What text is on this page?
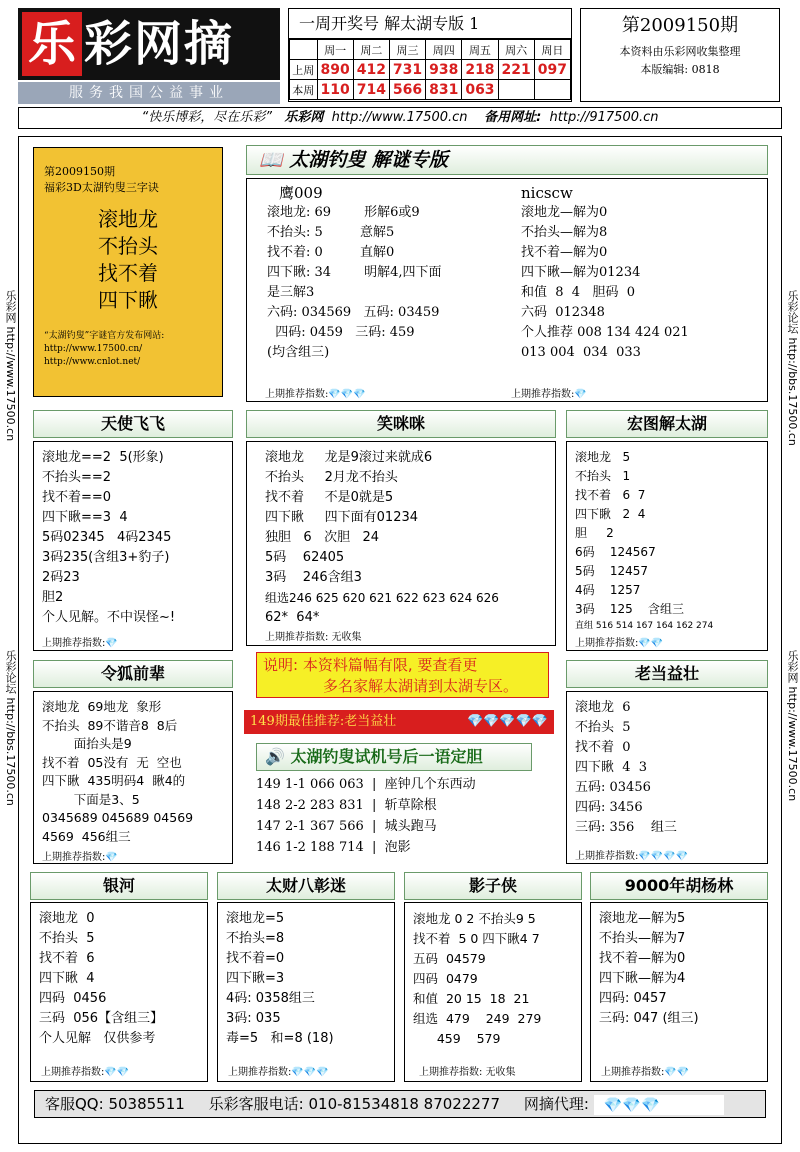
乐 彩网摘
服务我国公益事业
一周开奖号 解太湖专版 1
	周一	周二	周三	周四	周五	周六	周日
上周	890	412	731	938	218	221	097
本周	110	714	566	831	063		
第2009150期
本资料由乐彩网收集整理
本版编辑: 0818
“快乐博彩，尽在乐彩” 乐彩网 http://www.17500.cn 备用网址: http://917500.cn
乐彩网 http://www.17500.cn
乐彩论坛 http://bbs.17500.cn
乐彩论坛 http://bbs.17500.cn
乐彩网 http://www.17500.cn
第2009150期
福彩3D太湖钓叟三字诀
滚地龙
不抬头
找不着
四下瞅
“太湖钓叟”字谜官方发布网站:
http://www.17500.cn/
http://www.cnlot.net/
📖 太湖钓叟 解谜专版
鹰009
滚地龙: 69        形解6或9
不抬头: 5         意解5
找不着: 0         直解0
四下瞅: 34        明解4,四下面
是三解3
六码: 034569   五码: 03459
四码: 0459   三码: 459
(均含组三)
nicscw
滚地龙—解为0
不抬头—解为8
找不着—解为0
四下瞅—解为01234
和值  8  4   胆码  0
六码  012348
个人推荐 008 134 424 021
013 004  034  033
上期推荐指数:💎💎💎	上期推荐指数:💎
天使飞飞
滚地龙==2  5(形象)
不抬头==2
找不着==0
四下瞅==3  4
5码02345   4码2345
3码235(含组3+豹子)
2码23
胆2
个人见解。不中误怪~!
上期推荐指数:💎
笑咪咪
滚地龙     龙是9滚过来就成6
不抬头     2月龙不抬头
找不着     不是0就是5
四下瞅     四下面有01234
独胆   6   次胆   24
5码    62405
3码    246含组3
组选246 625 620 621 622 623 624 626
62*  64*
上期推荐指数: 无收集
宏图解太湖
滚地龙   5
不抬头   1
找不着   6  7
四下瞅   2  4
胆     2
6码    124567
5码    12457
4码    1257
3码    125    含组三
直组 516 514 167 164 162 274
上期推荐指数:💎💎
令狐前辈
滚地龙  69地龙  象形
不抬头  89不谐音8  8后
面抬头是9
找不着  05没有  无  空也
四下瞅  435明码4  瞅4的
下面是3、5
0345689 045689 04569
4569  456组三
上期推荐指数:💎
说明: 本资料篇幅有限, 要查看更
多名家解太湖请到太湖专区。
149期最佳推荐:老当益壮	💎💎💎💎💎
🔊 太湖钓叟试机号后一语定胆
149 1-1 066 063  |  座钟几个东西动
148 2-2 283 831  |  斩草除根
147 2-1 367 566  |  城头跑马
146 1-2 188 714  |  泡影
老当益壮
滚地龙  6
不抬头  5
找不着  0
四下瞅  4  3
五码: 03456
四码: 3456
三码: 356    组三
上期推荐指数:💎💎💎💎
银河
滚地龙  0
不抬头  5
找不着  6
四下瞅  4
四码  0456
三码  056【含组三】
个人见解   仅供参考
上期推荐指数:💎💎
太财八彰迷
滚地龙=5
不抬头=8
找不着=0
四下瞅=3
4码: 0358组三
3码: 035
毒=5   和=8 (18)
上期推荐指数:💎💎💎
影子侠
滚地龙 0 2 不抬头9 5
找不着  5 0 四下瞅4 7
五码  04579
四码  0479
和值  20 15  18  21
组选  479    249  279
459    579
上期推荐指数: 无收集
9000年胡杨林
滚地龙—解为5
不抬头—解为7
找不着—解为0
四下瞅—解为4
四码: 0457
三码: 047 (组三)
上期推荐指数:💎💎
客服QQ: 50385511 乐彩客服电话: 010-81534818 87022277 网摘代理: 💎💎💎
